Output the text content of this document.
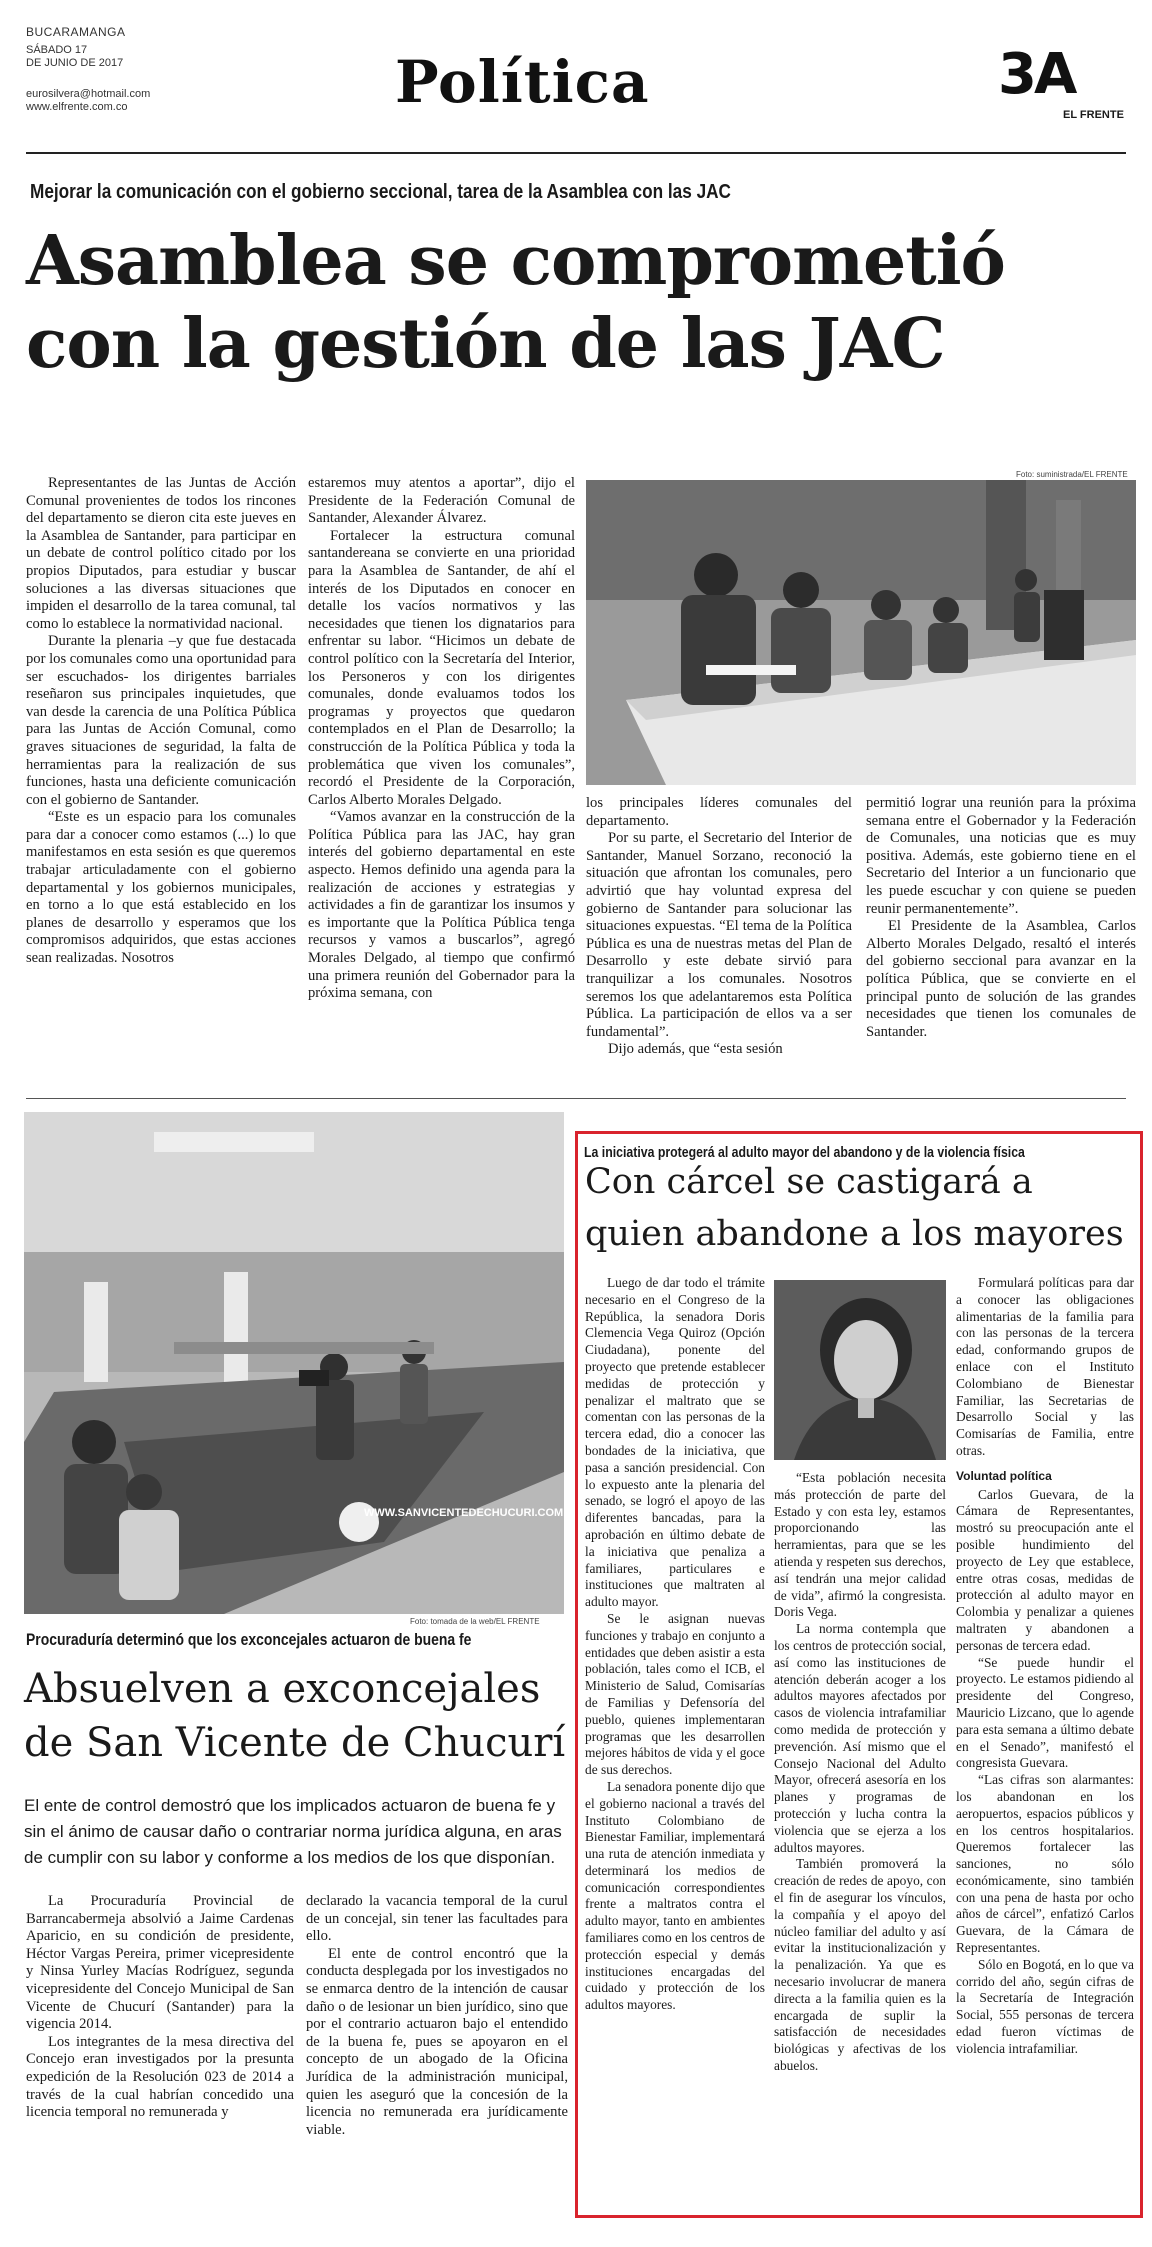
BUCARAMANGA
SÁBADO 17
DE JUNIO DE 2017
eurosilvera@hotmail.com
www.elfrente.com.co	Política	3A
EL FRENTE
Mejorar la comunicación con el gobierno seccional, tarea de la Asamblea con las JAC
Asamblea se comprometió
con la gestión de las JAC

Representantes de las Juntas de Acción Comunal provenientes de todos los rincones del departamento se dieron cita este jueves en la Asamblea de Santander, para participar en un debate de control político citado por los propios Diputados, para estudiar y buscar soluciones a las diversas situaciones que impiden el desarrollo de la tarea comunal, tal como lo establece la normatividad nacional.

Durante la plenaria –y que fue destacada por los comunales como una oportunidad para ser escuchados- los dirigentes barriales reseñaron sus principales inquietudes, que van desde la carencia de una Política Pública para las Juntas de Acción Comunal, como graves situaciones de seguridad, la falta de herramientas para la realización de sus funciones, hasta una deficiente comunicación con el gobierno de Santander.

“Este es un espacio para los comunales para dar a conocer como estamos (...) lo que manifestamos en esta sesión es que queremos trabajar articuladamente con el gobierno departamental y los gobiernos municipales, en torno a lo que está establecido en los planes de desarrollo y esperamos que los compromisos adquiridos, que estas acciones sean realizadas. Nosotros

estaremos muy atentos a aportar”, dijo el Presidente de la Federación Comunal de Santander, Alexander Álvarez.

Fortalecer la estructura comunal santandereana se convierte en una prioridad para la Asamblea de Santander, de ahí el interés de los Diputados en conocer en detalle los vacíos normativos y las necesidades que tienen los dignatarios para enfrentar su labor. “Hicimos un debate de control político con la Secretaría del Interior, los Personeros y con los dirigentes comunales, donde evaluamos todos los programas y proyectos que quedaron contemplados en el Plan de Desarrollo; la construcción de la Política Pública y toda la problemática que viven los comunales”, recordó el Presidente de la Corporación, Carlos Alberto Morales Delgado.

“Vamos avanzar en la construcción de la Política Pública para las JAC, hay gran interés del gobierno departamental en este aspecto. Hemos definido una agenda para la realización de acciones y estrategias y actividades a fin de garantizar los insumos y es importante que la Política Pública tenga recursos y vamos a buscarlos”, agregó Morales Delgado, al tiempo que confirmó una primera reunión del Gobernador para la próxima semana, con

Foto: suministrada/EL FRENTE

los principales líderes comunales del departamento.

Por su parte, el Secretario del Interior de Santander, Manuel Sorzano, reconoció la situación que afrontan los comunales, pero advirtió que hay voluntad expresa del gobierno de Santander para solucionar las situaciones expuestas. “El tema de la Política Pública es una de nuestras metas del Plan de Desarrollo y este debate sirvió para tranquilizar a los comunales. Nosotros seremos los que adelantaremos esta Política Pública. La participación de ellos va a ser fundamental”.

Dijo además, que “esta sesión

permitió lograr una reunión para la próxima semana entre el Gobernador y la Federación de Comunales, una noticias que es muy positiva. Además, este gobierno tiene en el Secretario del Interior a un funcionario que les puede escuchar y con quiene se pueden reunir permanentemente”.

El Presidente de la Asamblea, Carlos Alberto Morales Delgado, resaltó el interés del gobierno seccional para avanzar en la política Pública, que se convierte en el principal punto de solución de las grandes necesidades que tienen los comunales de Santander.

WWW.SANVICENTEDECHUCURI.COM
Foto: tomada de la web/EL FRENTE
Procuraduría determinó que los exconcejales actuaron de buena fe
Absuelven a exconcejales
de San Vicente de Chucurí
El ente de control demostró que los implicados actuaron de buena fe y sin el ánimo de causar daño o contrariar norma jurídica alguna, en aras de cumplir con su labor y conforme a los medios de los que disponían.

La Procuraduría Provincial de Barrancabermeja absolvió a Jaime Cardenas Aparicio, en su condición de presidente, Héctor Vargas Pereira, primer vicepresidente y Ninsa Yurley Macías Rodríguez, segunda vicepresidente del Concejo Municipal de San Vicente de Chucurí (Santander) para la vigencia 2014.

Los integrantes de la mesa directiva del Concejo eran investigados por la presunta expedición de la Resolución 023 de 2014 a través de la cual habrían concedido una licencia temporal no remunerada y

declarado la vacancia temporal de la curul de un concejal, sin tener las facultades para ello.

El ente de control encontró que la conducta desplegada por los investigados no se enmarca dentro de la intención de causar daño o de lesionar un bien jurídico, sino que por el contrario actuaron bajo el entendido de la buena fe, pues se apoyaron en el concepto de un abogado de la Oficina Jurídica de la administración municipal, quien les aseguró que la concesión de la licencia no remunerada era jurídicamente viable.

La iniciativa protegerá al adulto mayor del abandono y de la violencia física
Con cárcel se castigará a
quien abandone a los mayores

Luego de dar todo el trámite necesario en el Congreso de la República, la senadora Doris Clemencia Vega Quiroz (Opción Ciudadana), ponente del proyecto que pretende establecer medidas de protección y penalizar el maltrato que se comentan con las personas de la tercera edad, dio a conocer las bondades de la iniciativa, que pasa a sanción presidencial. Con lo expuesto ante la plenaria del senado, se logró el apoyo de las diferentes bancadas, para la aprobación en último debate de la iniciativa que penaliza a familiares, particulares e instituciones que maltraten al adulto mayor.

Se le asignan nuevas funciones y trabajo en conjunto a entidades que deben asistir a esta población, tales como el ICB, el Ministerio de Salud, Comisarías de Familias y Defensoría del pueblo, quienes implementaran programas que les desarrollen mejores hábitos de vida y el goce de sus derechos.

La senadora ponente dijo que el gobierno nacional a través del Instituto Colombiano de Bienestar Familiar, implementará una ruta de atención inmediata y determinará los medios de comunicación correspondientes frente a maltratos contra el adulto mayor, tanto en ambientes familiares como en los centros de protección especial y demás instituciones encargadas del cuidado y protección de los adultos mayores.

“Esta población necesita más protección de parte del Estado y con esta ley, estamos proporcionando las herramientas, para que se les atienda y respeten sus derechos, así tendrán una mejor calidad de vida”, afirmó la congresista. Doris Vega.

La norma contempla que los centros de protección social, así como las instituciones de atención deberán acoger a los adultos mayores afectados por casos de violencia intrafamiliar como medida de protección y prevención. Así mismo que el Consejo Nacional del Adulto Mayor, ofrecerá asesoría en los planes y programas de protección y lucha contra la violencia que se ejerza a los adultos mayores.

También promoverá la creación de redes de apoyo, con el fin de asegurar los vínculos, la compañía y el apoyo del núcleo familiar del adulto y así evitar la institucionalización y la penalización. Ya que es necesario involucrar de manera directa a la familia quien es la encargada de suplir la satisfacción de necesidades biológicas y afectivas de los abuelos.

Formulará políticas para dar a conocer las obligaciones alimentarias de la familia para con las personas de la tercera edad, conformando grupos de enlace con el Instituto Colombiano de Bienestar Familiar, las Secretarias de Desarrollo Social y las Comisarías de Familia, entre otras.

Voluntad política

Carlos Guevara, de la Cámara de Representantes, mostró su preocupación ante el posible hundimiento del proyecto de Ley que establece, entre otras cosas, medidas de protección al adulto mayor en Colombia y penalizar a quienes maltraten y abandonen a personas de tercera edad.

“Se puede hundir el proyecto. Le estamos pidiendo al presidente del Congreso, Mauricio Lizcano, que lo agende para esta semana a último debate en el Senado”, manifestó el congresista Guevara.

“Las cifras son alarmantes: los abandonan en los aeropuertos, espacios públicos y en los centros hospitalarios. Queremos fortalecer las sanciones, no sólo económicamente, sino también con una pena de hasta por ocho años de cárcel”, enfatizó Carlos Guevara, de la Cámara de Representantes.

Sólo en Bogotá, en lo que va corrido del año, según cifras de la Secretaría de Integración Social, 555 personas de tercera edad fueron víctimas de violencia intrafamiliar.
